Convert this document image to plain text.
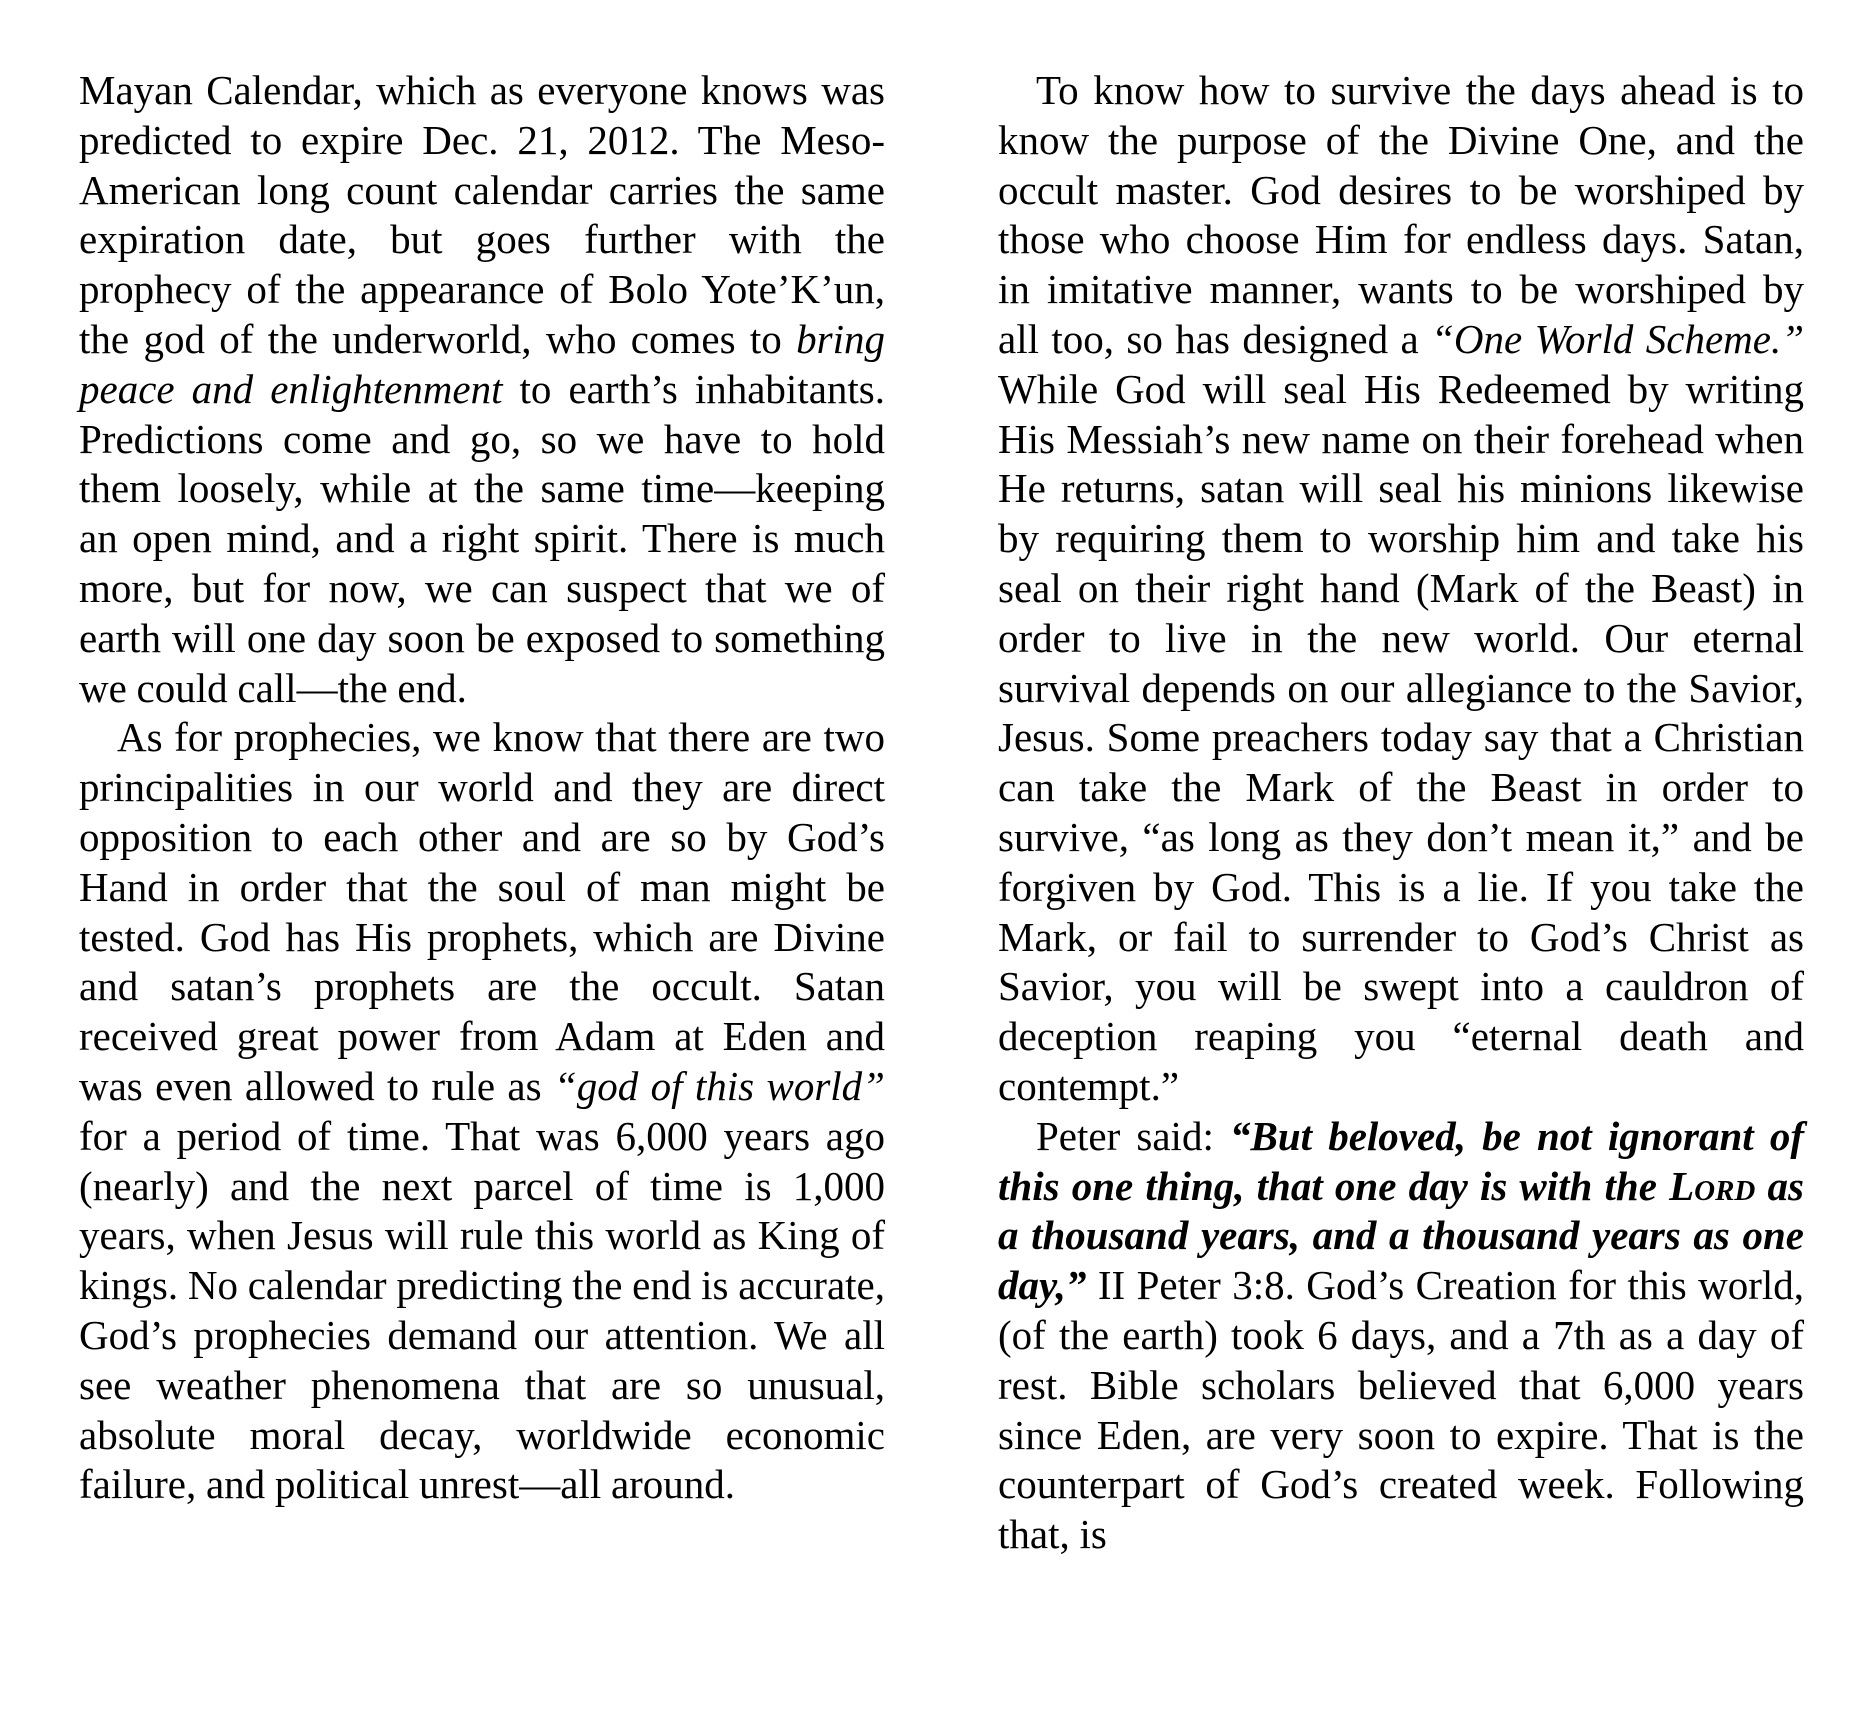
Mayan Calendar, which as everyone knows was predicted to expire Dec. 21, 2012. The Meso-American long count calendar carries the same expiration date, but goes further with the prophecy of the appearance of Bolo Yote’K’un, the god of the underworld, who comes to bring peace and enlightenment to earth’s inhabitants. Predictions come and go, so we have to hold them loosely, while at the same time—keeping an open mind, and a right spirit. There is much more, but for now, we can suspect that we of earth will one day soon be exposed to something we could call—the end.

As for prophecies, we know that there are two principalities in our world and they are direct opposition to each other and are so by God’s Hand in order that the soul of man might be tested. God has His prophets, which are Divine and satan’s prophets are the occult. Satan received great power from Adam at Eden and was even allowed to rule as “god of this world” for a period of time. That was 6,000 years ago (nearly) and the next parcel of time is 1,000 years, when Jesus will rule this world as King of kings. No calendar predicting the end is accurate, God’s prophecies demand our attention. We all see weather phenomena that are so unusual, absolute moral decay, worldwide economic failure, and political unrest—all around.

To know how to survive the days ahead is to know the purpose of the Divine One, and the occult master. God desires to be worshiped by those who choose Him for endless days. Satan, in imitative manner, wants to be worshiped by all too, so has designed a “One World Scheme.” While God will seal His Redeemed by writing His Messiah’s new name on their forehead when He returns, satan will seal his minions likewise by requiring them to worship him and take his seal on their right hand (Mark of the Beast) in order to live in the new world. Our eternal survival depends on our allegiance to the Savior, Jesus. Some preachers today say that a Christian can take the Mark of the Beast in order to survive, “as long as they don’t mean it,” and be forgiven by God. This is a lie. If you take the Mark, or fail to surrender to God’s Christ as Savior, you will be swept into a cauldron of deception reaping you “eternal death and contempt.”

Peter said: “But beloved, be not ignorant of this one thing, that one day is with the Lord as a thousand years, and a thousand years as one day,” II Peter 3:8. God’s Creation for this world, (of the earth) took 6 days, and a 7th as a day of rest. Bible scholars believed that 6,000 years since Eden, are very soon to expire. That is the counterpart of God’s created week. Following that, is
